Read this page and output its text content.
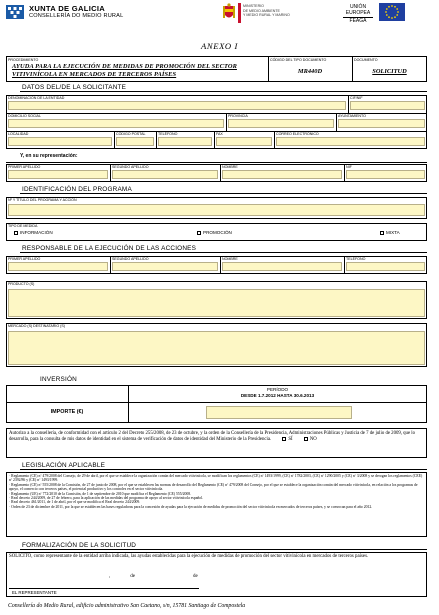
XUNTA DE GALICIA
CONSELLERÍA DO MEDIO RURAL
MINISTERIO
DE MEDIO AMBIENTE
Y MEDIO RURAL Y MARINO
UNIÓN
EUROPEA
FEAGA
ANEXO I
PROCEDIMIENTO
AYUDA PARA LA EJECUCIÓN DE MEDIDAS DE PROMOCIÓN DEL SECTOR VITIVINÍCOLA EN MERCADOS DE TERCEROS PAÍSES
CÓDIGO DEL TIPO DOCUMENTO
MR440D
DOCUMENTO
SOLICITUD
DATOS DEL/DE LA SOLICITANTE
DENOMINACIÓN DE LA ENTIDAD	CIF/NIF
DOMICILIO SOCIAL	PROVINCIA	AYUNTAMIENTO
LOCALIDAD	CÓDIGO POSTAL	TELÉFONO	FAX	CORREO ELECTRÓNICO
Y, en su representación:
PRIMER APELLIDO	SEGUNDO APELLIDO	NOMBRE	NIF
IDENTIFICACIÓN DEL PROGRAMA
Nº Y TÍTULO DEL PROGRAMA Y ACCIÓN
TIPO DE MEDIDA
INFORMACIÓN	PROMOCIÓN	MIXTA
RESPONSABLE DE LA EJECUCIÓN DE LAS ACCIONES
PRIMER APELLIDO	SEGUNDO APELLIDO	NOMBRE	TELÉFONO
PRODUCTO (S)
MERCADO (S) DESTINATARIO (S)
INVERSIÓN
PERÍODO
DESDE 1.7.2012 HASTA 30.6.2013
IMPORTE (€)
Autorizo a la consellería, de conformidad con el artículo 2 del Decreto 255/2008, de 23 de octubre, y la orden de la Consellería de la Presidencia, Administraciones Públicas y Justicia de 7 de julio de 2009, que lo desarrolla, para la consulta de mis datos de identidad en el sistema de verificación de datos de identidad del Ministerio de la Presidencia.	SÍ	NO
LEGISLACIÓN APLICABLE
· Reglamento (CE) nº 479/2008 del Consejo, de 29 de abril, por el que se establece la organización común del mercado vitivinícola, se modifican los reglamentos (CE) nº 1493/1999, (CE) nº 1782/2003, (CE) nº 1290/2005 y (CE) nº 3/2008 y se derogan los reglamentos (CEE) nº 2392/86 y (CE) nº 1493/1999.
· Reglamento (CE) nº 555/2008 de la Comisión, de 27 de junio de 2008, por el que se establecen las normas de desarrollo del Reglamento (CE) nº 479/2008 del Consejo, por el que se establece la organización común del mercado vitivinícola, en relación a los programas de apoyo, el comercio con terceros países, el potencial productivo y los controles en el sector vitivinícola.
· Reglamento (UE) nº 772/2010 de la Comisión, de 1 de septiembre de 2010 que modifica el Reglamento (CE) 555/2008.
· Real decreto 244/2009, de 27 de febrero, para la aplicación de las medidas del programa de apoyo al sector vitivinícola español.
· Real decreto 461/2011, de 1 de abril, por el que se modifica el Real decreto 244/2009.
· Orden de 23 de diciembre de 2011, por la que se establecen las bases reguladoras para la concesión de ayudas para la ejecución de medidas de promoción del sector vitivinícola en mercados de terceros países, y se convocan para el año 2012.
FORMALIZACIÓN DE LA SOLICITUD
SOLICITO, como representante de la entidad arriba indicada, las ayudas establecidas para la ejecución de medidas de promoción del sector vitivinícola en mercados de terceros países.
,	de	de
EL REPRESENTANTE
Consellería do Medio Rural, edificio administrativo San Caetano, s/n, 15781 Santiago de Compostela
